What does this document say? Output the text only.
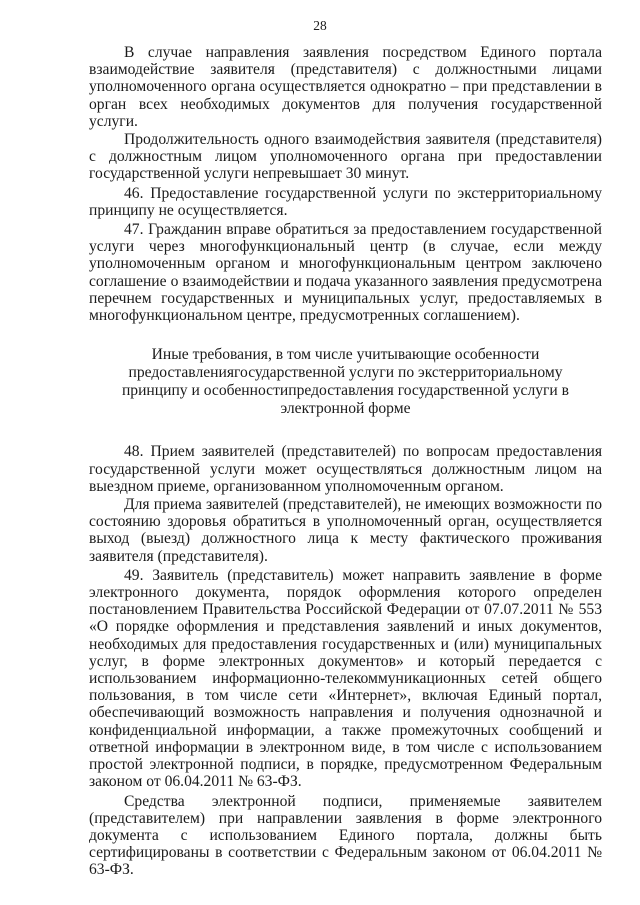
28

В случае направления заявления посредством Единого портала взаимодействие заявителя (представителя) с должностными лицами уполномоченного органа осуществляется однократно – при представлении в орган всех необходимых документов для получения государственной услуги.

Продолжительность одного взаимодействия заявителя (представителя) с должностным лицом уполномоченного органа при предоставлении государственной услуги непревышает 30 минут.

46. Предоставление государственной услуги по экстерриториальному принципу не осуществляется.

47. Гражданин вправе обратиться за предоставлением государственной услуги через многофункциональный центр (в случае, если между уполномоченным органом и многофункциональным центром заключено соглашение о взаимодействии и подача указанного заявления предусмотрена перечнем государственных и муниципальных услуг, предоставляемых в многофункциональном центре, предусмотренных соглашением).

Иные требования, в том числе учитывающие особенности предоставлениягосударственной услуги по экстерриториальному принципу и особенностипредоставления государственной услуги в электронной форме

48. Прием заявителей (представителей) по вопросам предоставления государственной услуги может осуществляться должностным лицом на выездном приеме, организованном уполномоченным органом.

Для приема заявителей (представителей), не имеющих возможности по состоянию здоровья обратиться в уполномоченный орган, осуществляется выход (выезд) должностного лица к месту фактического проживания заявителя (представителя).

49. Заявитель (представитель) может направить заявление в форме электронного документа, порядок оформления которого определен постановлением Правительства Российской Федерации от 07.07.2011 № 553 «О порядке оформления и представления заявлений и иных документов, необходимых для предоставления государственных и (или) муниципальных услуг, в форме электронных документов» и который передается с использованием информационно-телекоммуникационных сетей общего пользования, в том числе сети «Интернет», включая Единый портал, обеспечивающий возможность направления и получения однозначной и конфиденциальной информации, а также промежуточных сообщений и ответной информации в электронном виде, в том числе с использованием простой электронной подписи, в порядке, предусмотренном Федеральным законом от 06.04.2011 № 63-ФЗ.

Средства электронной подписи, применяемые заявителем (представителем) при направлении заявления в форме электронного документа с использованием Единого портала, должны быть сертифицированы в соответствии с Федеральным законом от 06.04.2011 № 63-ФЗ.
